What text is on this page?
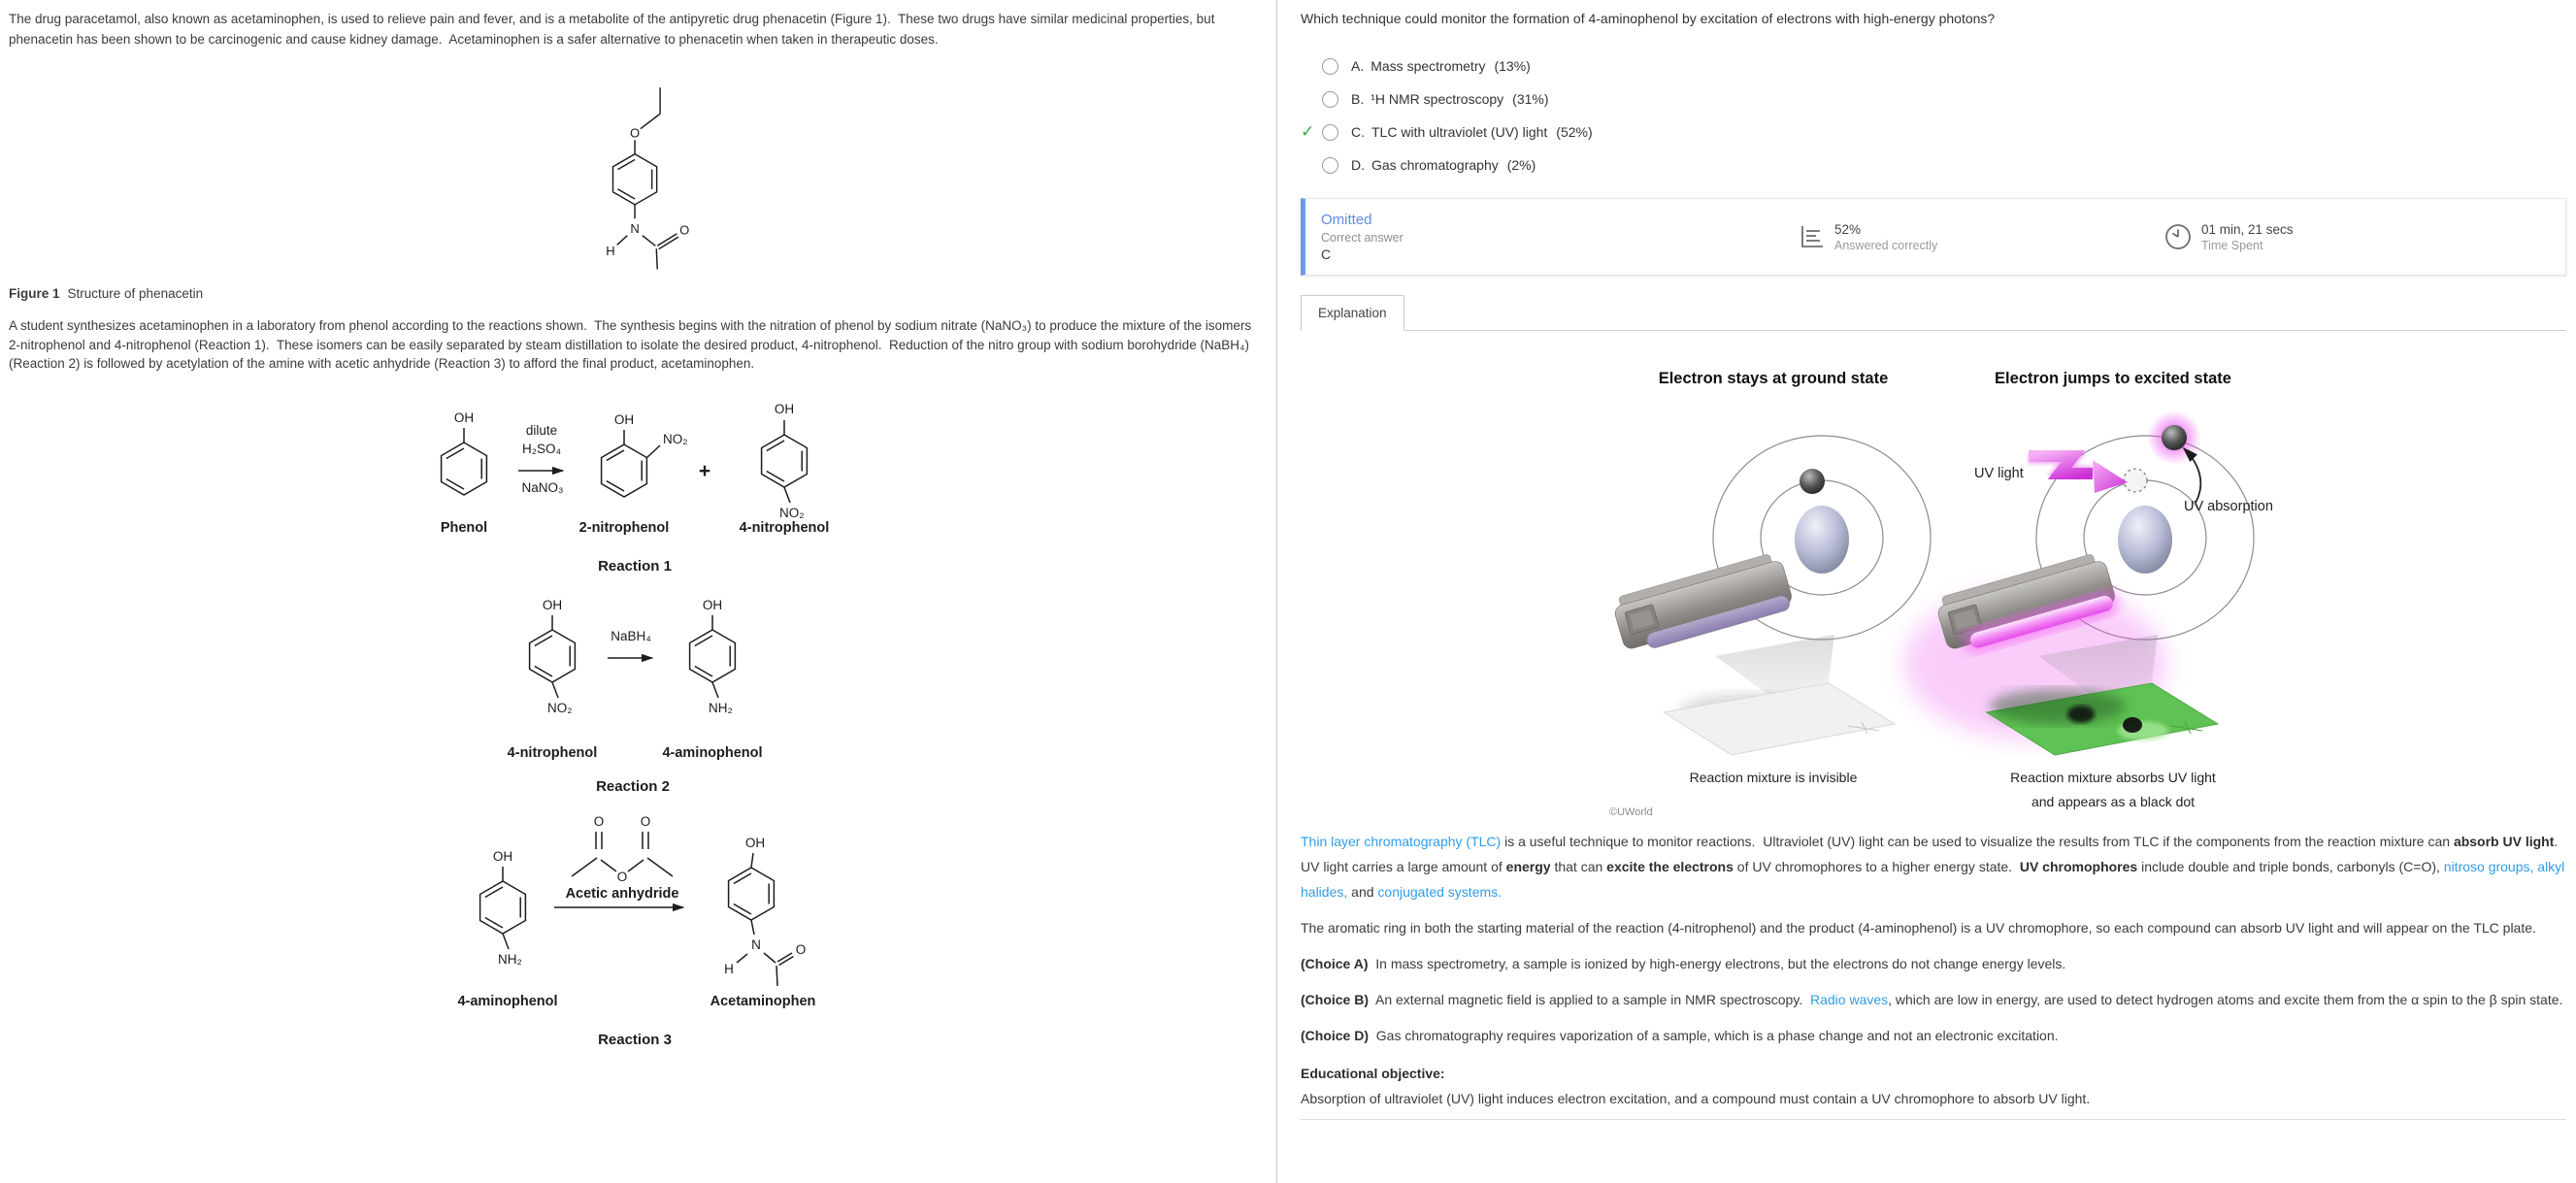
The drug paracetamol, also known as acetaminophen, is used to relieve pain and fever, and is a metabolite of the antipyretic drug phenacetin (Figure 1).  These two drugs have similar medicinal properties, but phenacetin has been shown to be carcinogenic and cause kidney damage.  Acetaminophen is a safer alternative to phenacetin when taken in therapeutic doses.

O
N
H
O

Figure 1 Structure of phenacetin

A student synthesizes acetaminophen in a laboratory from phenol according to the reactions shown.  The synthesis begins with the nitration of phenol by sodium nitrate (NaNO₃) to produce the mixture of the isomers 2-nitrophenol and 4-nitrophenol (Reaction 1).  These isomers can be easily separated by steam distillation to isolate the desired product, 4-nitrophenol.  Reduction of the nitro group with sodium borohydride (NaBH₄) (Reaction 2) is followed by acetylation of the amine with acetic anhydride (Reaction 3) to afford the final product, acetaminophen.

OH
Phenol
dilute
H₂SO₄
NaNO₃
OH
NO₂
2-nitrophenol
+
OH
NO₂
4-nitrophenol
Reaction 1
OH
NO₂
4-nitrophenol
NaBH₄
OH
NH₂
4-aminophenol
Reaction 2
OH
NH₂
4-aminophenol
O	O
O
Acetic anhydride
OH
N
H
O
Acetaminophen
Reaction 3

Which technique could monitor the formation of 4-aminophenol by excitation of electrons with high-energy photons?

A. Mass spectrometry (13%)
B. ¹H NMR spectroscopy (31%)
✓	C. TLC with ultraviolet (UV) light (52%)
D. Gas chromatography (2%)
Omitted
Correct answer
C
52%
Answered correctly
01 min, 21 secs
Time Spent
Explanation
Electron stays at ground state	Electron jumps to excited state
UV light
UV absorption
Reaction mixture is invisible	Reaction mixture absorbs UV light
and appears as a black dot
©UWorld

Thin layer chromatography (TLC) is a useful technique to monitor reactions.  Ultraviolet (UV) light can be used to visualize the results from TLC if the components from the reaction mixture can absorb UV light.  UV light carries a large amount of energy that can excite the electrons of UV chromophores to a higher energy state.  UV chromophores include double and triple bonds, carbonyls (C=O), nitroso groups, alkyl halides, and conjugated systems.

The aromatic ring in both the starting material of the reaction (4-nitrophenol) and the product (4-aminophenol) is a UV chromophore, so each compound can absorb UV light and will appear on the TLC plate.

(Choice A)  In mass spectrometry, a sample is ionized by high-energy electrons, but the electrons do not change energy levels.

(Choice B)  An external magnetic field is applied to a sample in NMR spectroscopy.  Radio waves, which are low in energy, are used to detect hydrogen atoms and excite them from the α spin to the β spin state.

(Choice D)  Gas chromatography requires vaporization of a sample, which is a phase change and not an electronic excitation.

Educational objective:

Absorption of ultraviolet (UV) light induces electron excitation, and a compound must contain a UV chromophore to absorb UV light.
